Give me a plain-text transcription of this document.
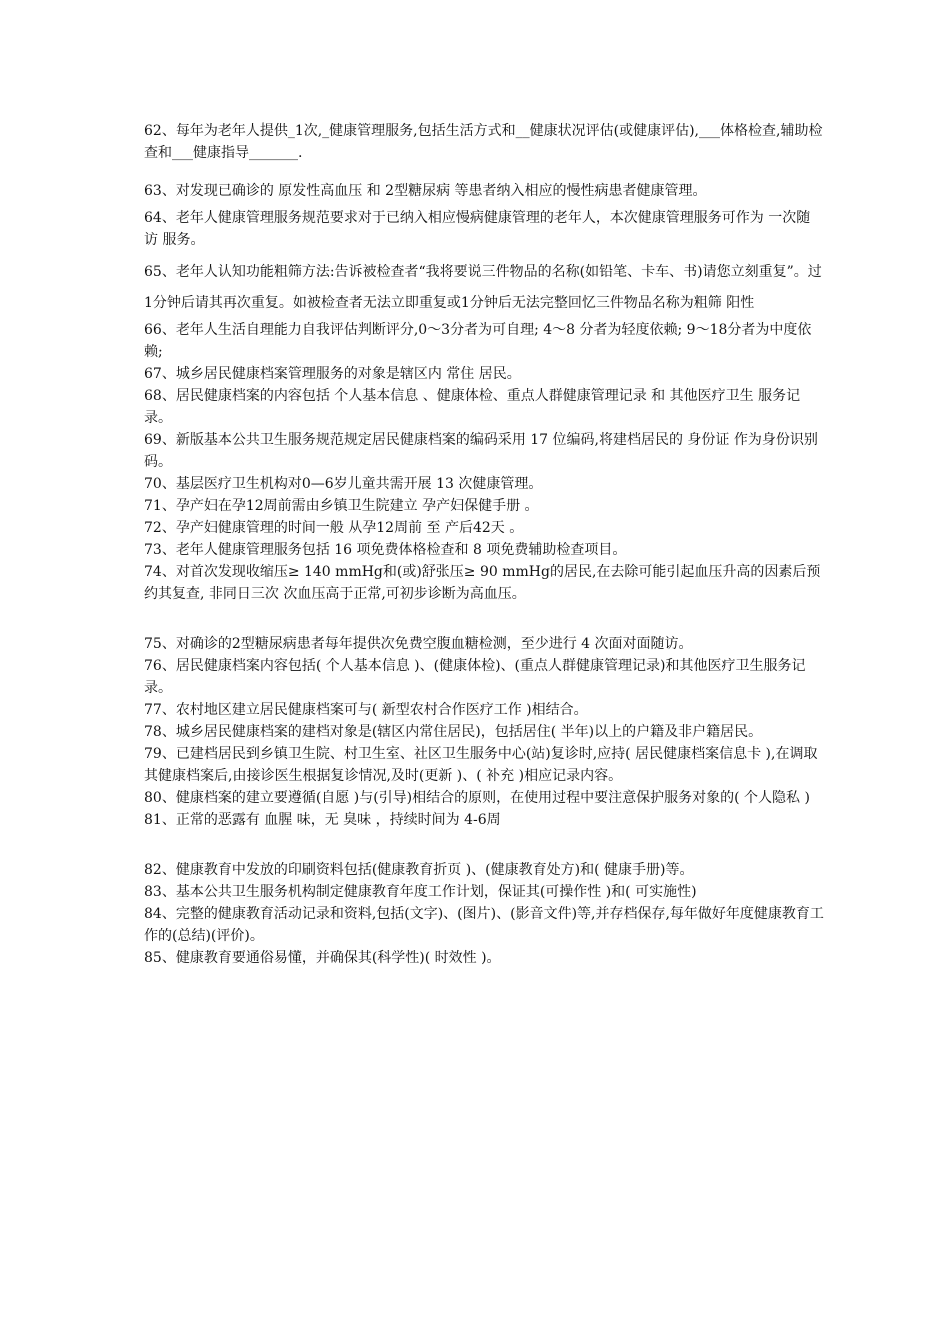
62、每年为老年人提供_1次,_健康管理服务,包括生活方式和__健康状况评估(或健康评估),___体格检查,辅助检查和___健康指导_______.

63、对发现已确诊的 原发性高血压 和 2型糖尿病 等患者纳入相应的慢性病患者健康管理。

64、老年人健康管理服务规范要求对于已纳入相应慢病健康管理的老年人，本次健康管理服务可作为 一次随访 服务。

65、老年人认知功能粗筛方法:告诉被检查者“我将要说三件物品的名称(如铅笔、卡车、书)请您立刻重复”。过1分钟后请其再次重复。如被检查者无法立即重复或1分钟后无法完整回忆三件物品名称为粗筛 阳性

66、老年人生活自理能力自我评估判断评分,0～3分者为可自理; 4～8 分者为轻度依赖; 9～18分者为中度依赖;

67、城乡居民健康档案管理服务的对象是辖区内 常住 居民。

68、居民健康档案的内容包括 个人基本信息 、健康体检、重点人群健康管理记录 和 其他医疗卫生 服务记录。

69、新版基本公共卫生服务规范规定居民健康档案的编码采用 17 位编码,将建档居民的 身份证 作为身份识别码。

70、基层医疗卫生机构对0—6岁儿童共需开展 13 次健康管理。

71、孕产妇在孕12周前需由乡镇卫生院建立 孕产妇保健手册 。

72、孕产妇健康管理的时间一般 从孕12周前 至 产后42天 。

73、老年人健康管理服务包括 16 项免费体格检查和 8 项免费辅助检查项目。

74、对首次发现收缩压≥ 140 mmHg和(或)舒张压≥ 90 mmHg的居民,在去除可能引起血压升高的因素后预约其复查, 非同日三次 次血压高于正常,可初步诊断为高血压。

75、对确诊的2型糖尿病患者每年提供次免费空腹血糖检测，至少进行 4 次面对面随访。

76、居民健康档案内容包括( 个人基本信息 )、(健康体检)、(重点人群健康管理记录)和其他医疗卫生服务记录。

77、农村地区建立居民健康档案可与( 新型农村合作医疗工作 )相结合。

78、城乡居民健康档案的建档对象是(辖区内常住居民)，包括居住( 半年)以上的户籍及非户籍居民。

79、已建档居民到乡镇卫生院、村卫生室、社区卫生服务中心(站)复诊时,应持( 居民健康档案信息卡 ),在调取其健康档案后,由接诊医生根据复诊情况,及时(更新 )、( 补充 )相应记录内容。

80、健康档案的建立要遵循(自愿 )与(引导)相结合的原则，在使用过程中要注意保护服务对象的( 个人隐私 )

81、正常的恶露有 血腥 味，无 臭味 ，持续时间为 4-6周

82、健康教育中发放的印刷资料包括(健康教育折页 )、(健康教育处方)和( 健康手册)等。

83、基本公共卫生服务机构制定健康教育年度工作计划，保证其(可操作性 )和( 可实施性)

84、完整的健康教育活动记录和资料,包括(文字)、(图片)、(影音文件)等,并存档保存,每年做好年度健康教育工作的(总结)(评价)。

85、健康教育要通俗易懂，并确保其(科学性)( 时效性 )。
